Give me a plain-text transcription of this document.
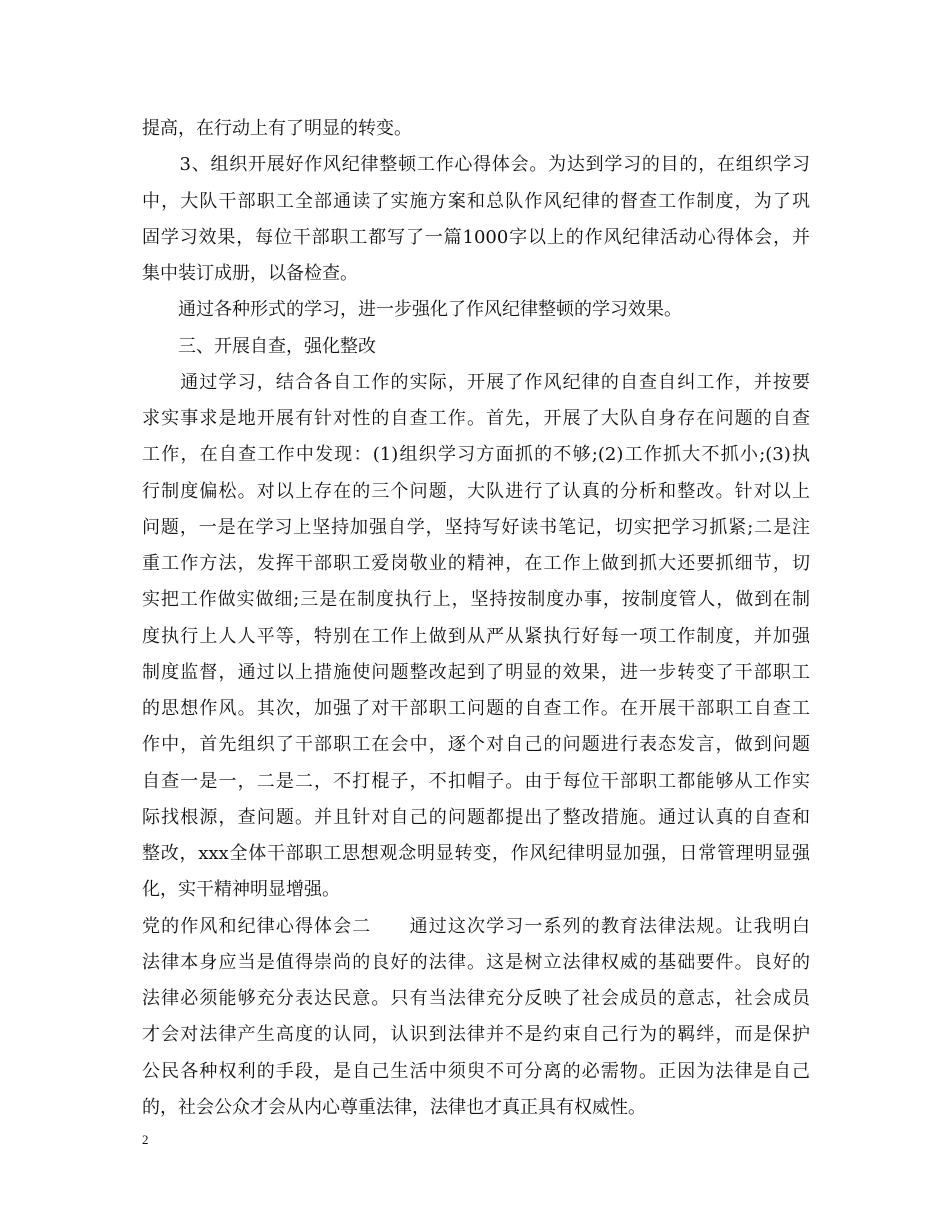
提高，在行动上有了明显的转变。
　　3、组织开展好作风纪律整顿工作心得体会。为达到学习的目的，在组织学习
中，大队干部职工全部通读了实施方案和总队作风纪律的督查工作制度，为了巩
固学习效果，每位干部职工都写了一篇1000字以上的作风纪律活动心得体会，并
集中装订成册，以备检查。
　　通过各种形式的学习，进一步强化了作风纪律整顿的学习效果。
　　三、开展自查，强化整改
　　通过学习，结合各自工作的实际，开展了作风纪律的自查自纠工作，并按要
求实事求是地开展有针对性的自查工作。首先，开展了大队自身存在问题的自查
工作，在自查工作中发现：(1)组织学习方面抓的不够;(2)工作抓大不抓小;(3)执
行制度偏松。对以上存在的三个问题，大队进行了认真的分析和整改。针对以上
问题，一是在学习上坚持加强自学，坚持写好读书笔记，切实把学习抓紧;二是注
重工作方法，发挥干部职工爱岗敬业的精神，在工作上做到抓大还要抓细节，切
实把工作做实做细;三是在制度执行上，坚持按制度办事，按制度管人，做到在制
度执行上人人平等，特别在工作上做到从严从紧执行好每一项工作制度，并加强
制度监督，通过以上措施使问题整改起到了明显的效果，进一步转变了干部职工
的思想作风。其次，加强了对干部职工问题的自查工作。在开展干部职工自查工
作中，首先组织了干部职工在会中，逐个对自己的问题进行表态发言，做到问题
自查一是一，二是二，不打棍子，不扣帽子。由于每位干部职工都能够从工作实
际找根源，查问题。并且针对自己的问题都提出了整改措施。通过认真的自查和
整改，xxx全体干部职工思想观念明显转变，作风纪律明显加强，日常管理明显强
化，实干精神明显增强。
党的作风和纪律心得体会二　　通过这次学习一系列的教育法律法规。让我明白
法律本身应当是值得崇尚的良好的法律。这是树立法律权威的基础要件。良好的
法律必须能够充分表达民意。只有当法律充分反映了社会成员的意志，社会成员
才会对法律产生高度的认同，认识到法律并不是约束自己行为的羁绊，而是保护
公民各种权利的手段，是自己生活中须臾不可分离的必需物。正因为法律是自己
的，社会公众才会从内心尊重法律，法律也才真正具有权威性。
2
